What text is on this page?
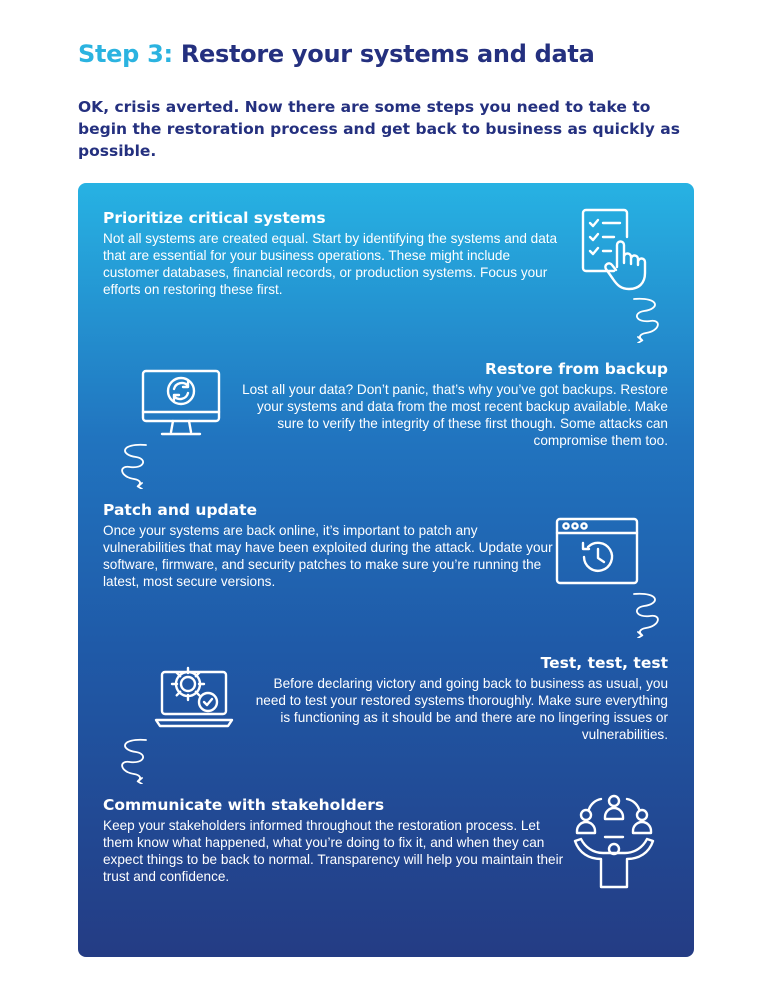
Step 3: Restore your systems and data

OK, crisis averted. Now there are some steps you need to take to begin the restoration process and get back to business as quickly as possible.

Prioritize critical systems

Not all systems are created equal. Start by identifying the systems and data that are essential for your business operations. These might include customer databases, financial records, or production systems. Focus your efforts on restoring these first.

Restore from backup

Lost all your data? Don’t panic, that’s why you’ve got backups. Restore your systems and data from the most recent backup available. Make sure to verify the integrity of these first though. Some attacks can compromise them too.

Patch and update

Once your systems are back online, it’s important to patch any vulnerabilities that may have been exploited during the attack. Update your software, firmware, and security patches to make sure you’re running the latest, most secure versions.

Test, test, test

Before declaring victory and going back to business as usual, you need to test your restored systems thoroughly. Make sure everything is functioning as it should be and there are no lingering issues or vulnerabilities.

Communicate with stakeholders

Keep your stakeholders informed throughout the restoration process. Let them know what happened, what you’re doing to fix it, and when they can expect things to be back to normal. Transparency will help you maintain their trust and confidence.
